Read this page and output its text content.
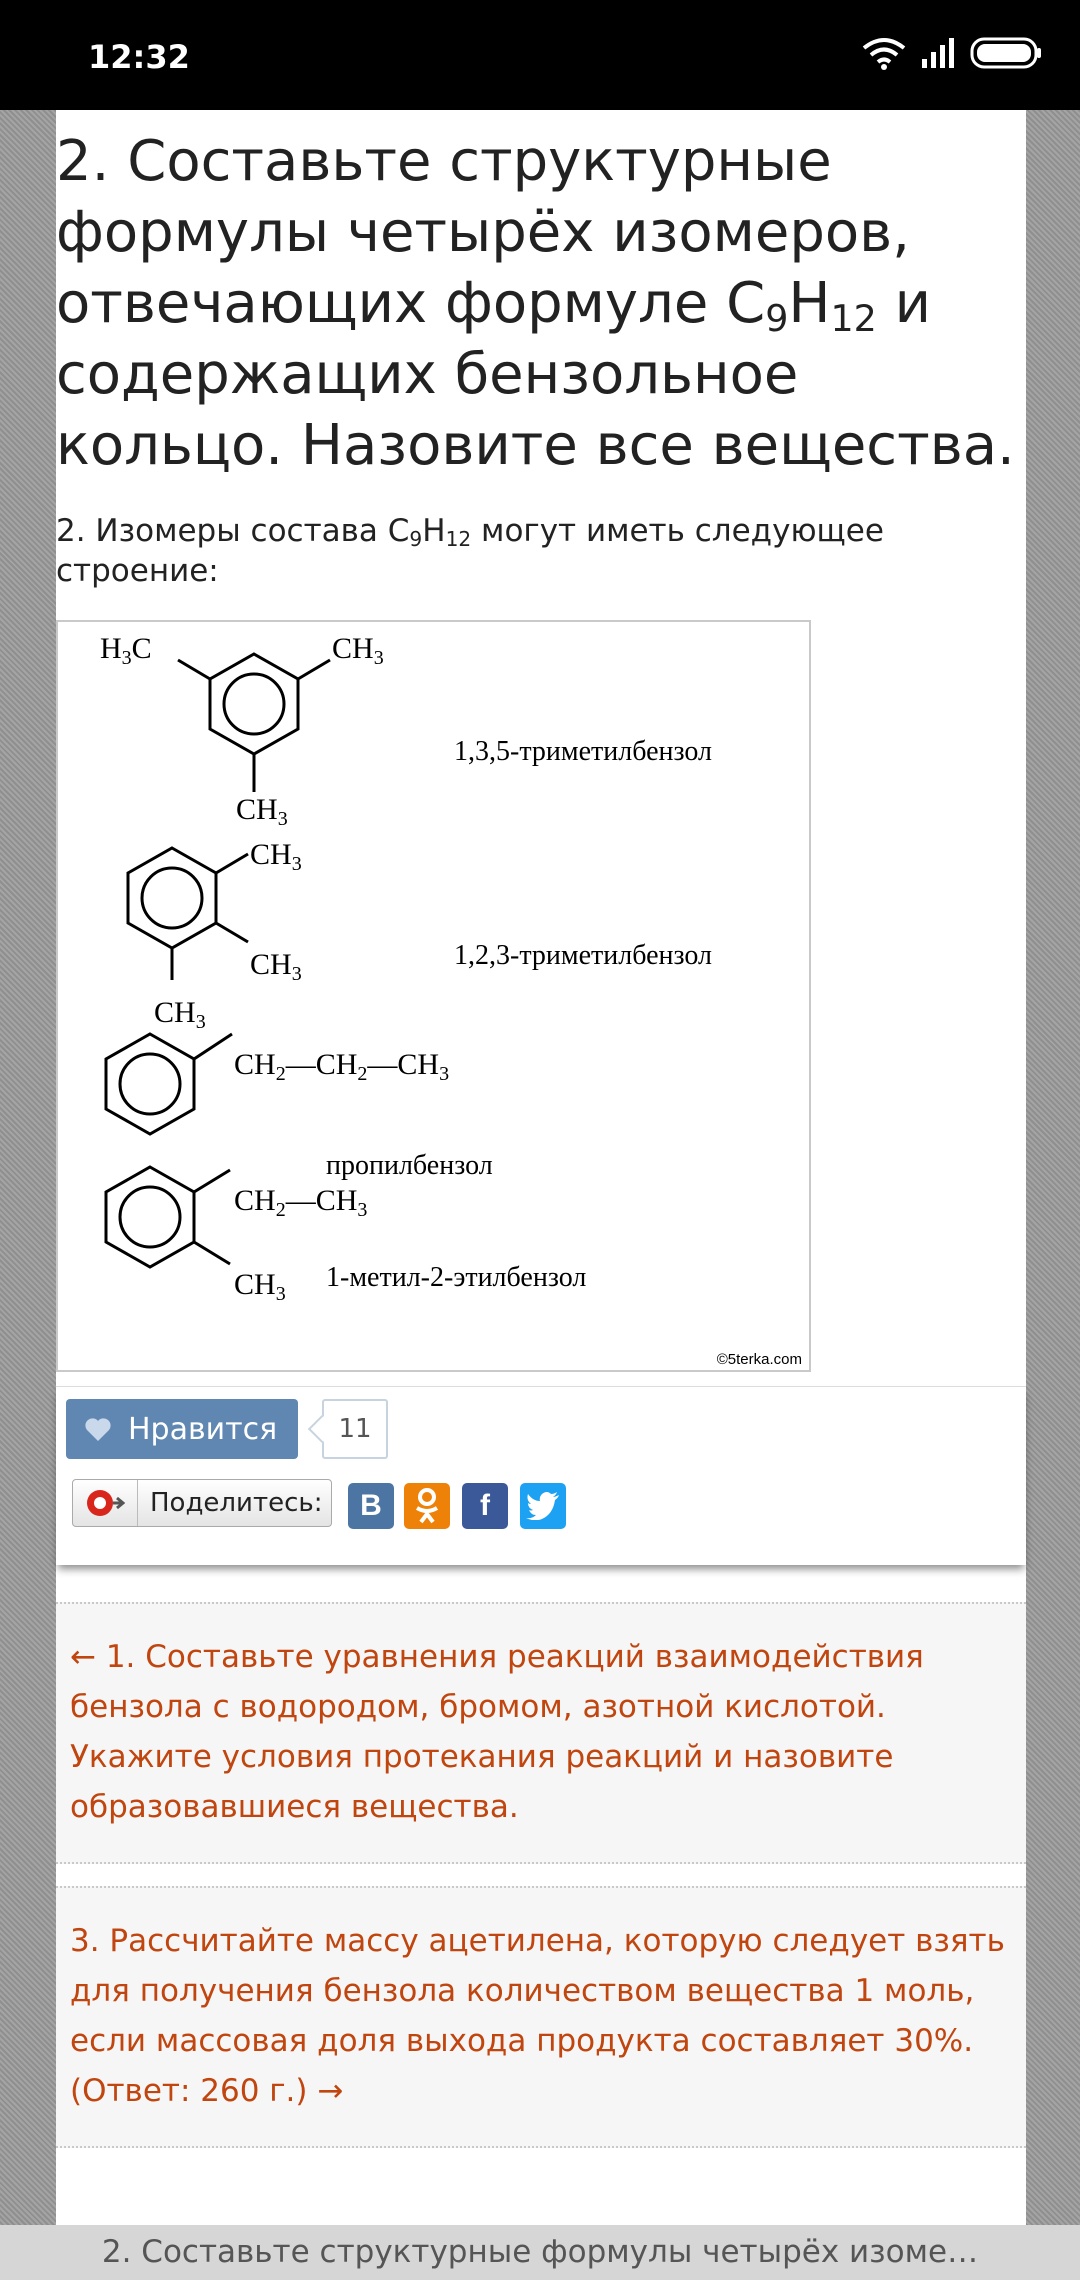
12:32
2. Составьте структурные формулы четырёх изомеров, отвечающих формуле $C_9H_{12}$ и содержащих бензольное кольцо. Назовите все вещества.

2. Изомеры состава $C_9H_{12}$ могут иметь следующее строение:

$H_3C$	$CH_3$
$CH_3$
1,3,5-триметилбензол
$CH_3$
$CH_3$
$CH_3$
1,2,3-триметилбензол
$CH_2—CH_2—CH_3$
пропилбензол
$CH_2—CH_3$
$CH_3$
1-метил-2-этилбензол
©5terka.com
Нравится	11
Поделитесь: B	f
← 1. Составьте уравнения реакций взаимодействия бензола с водородом, бромом, азотной кислотой. Укажите условия протекания реакций и назовите образовавшиеся вещества.
3. Рассчитайте массу ацетилена, которую следует взять для получения бензола количеством вещества 1 моль, если массовая доля выхода продукта составляет 30%. (Ответ: 260 г.) →
2. Составьте структурные формулы четырёх изоме…
